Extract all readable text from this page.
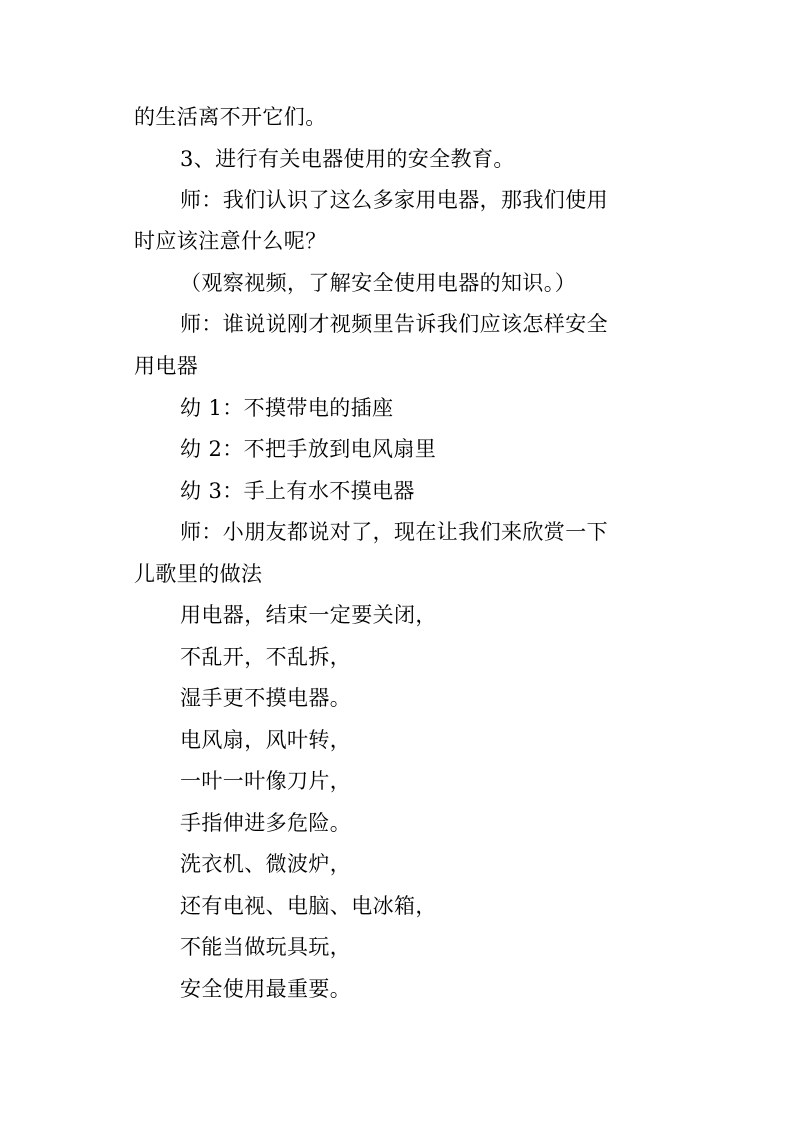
的生活离不开它们。
3、进行有关电器使用的安全教育。
师：我们认识了这么多家用电器，那我们使用
时应该注意什么呢？
（观察视频，了解安全使用电器的知识。）
师：谁说说刚才视频里告诉我们应该怎样安全
用电器
幼 1：不摸带电的插座
幼 2：不把手放到电风扇里
幼 3：手上有水不摸电器
师：小朋友都说对了，现在让我们来欣赏一下
儿歌里的做法
用电器，结束一定要关闭，
不乱开，不乱拆，
湿手更不摸电器。
电风扇，风叶转，
一叶一叶像刀片，
手指伸进多危险。
洗衣机、微波炉，
还有电视、电脑、电冰箱，
不能当做玩具玩，
安全使用最重要。
